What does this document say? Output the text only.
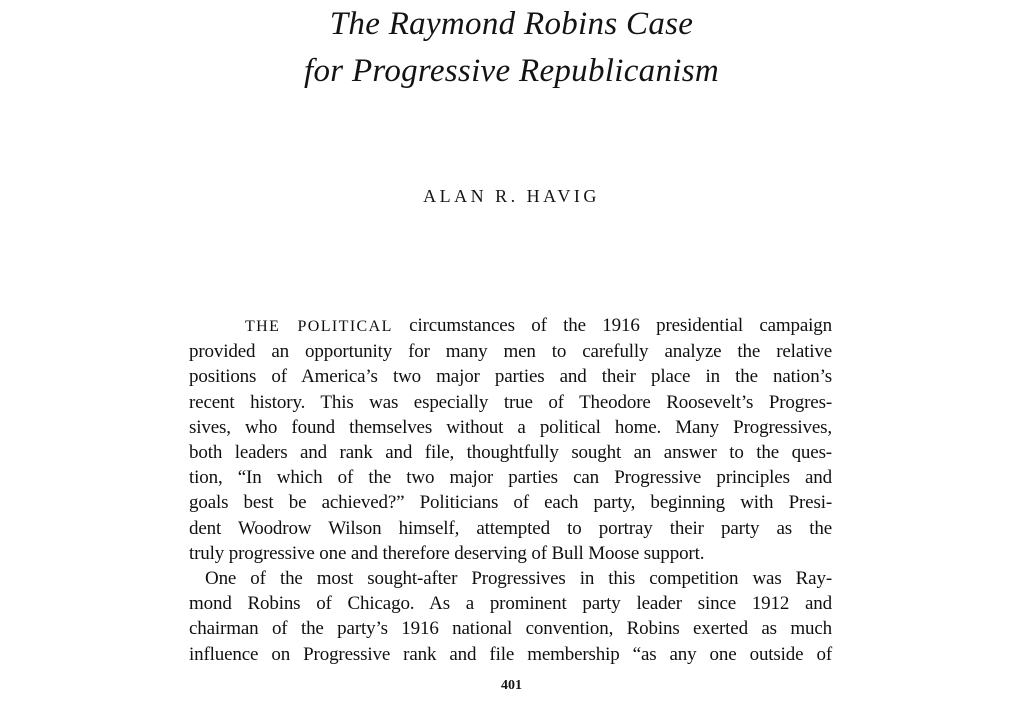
The Raymond Robins Case
for Progressive Republicanism
ALAN R. HAVIG
THE POLITICAL circumstances of the 1916 presidential campaign
provided an opportunity for many men to carefully analyze the relative
positions of America’s two major parties and their place in the nation’s
recent history. This was especially true of Theodore Roosevelt’s Progres-
sives, who found themselves without a political home. Many Progressives,
both leaders and rank and file, thoughtfully sought an answer to the ques-
tion, “In which of the two major parties can Progressive principles and
goals best be achieved?” Politicians of each party, beginning with Presi-
dent Woodrow Wilson himself, attempted to portray their party as the
truly progressive one and therefore deserving of Bull Moose support.
One of the most sought-after Progressives in this competition was Ray-
mond Robins of Chicago. As a prominent party leader since 1912 and
chairman of the party’s 1916 national convention, Robins exerted as much
influence on Progressive rank and file membership “as any one outside of
401
